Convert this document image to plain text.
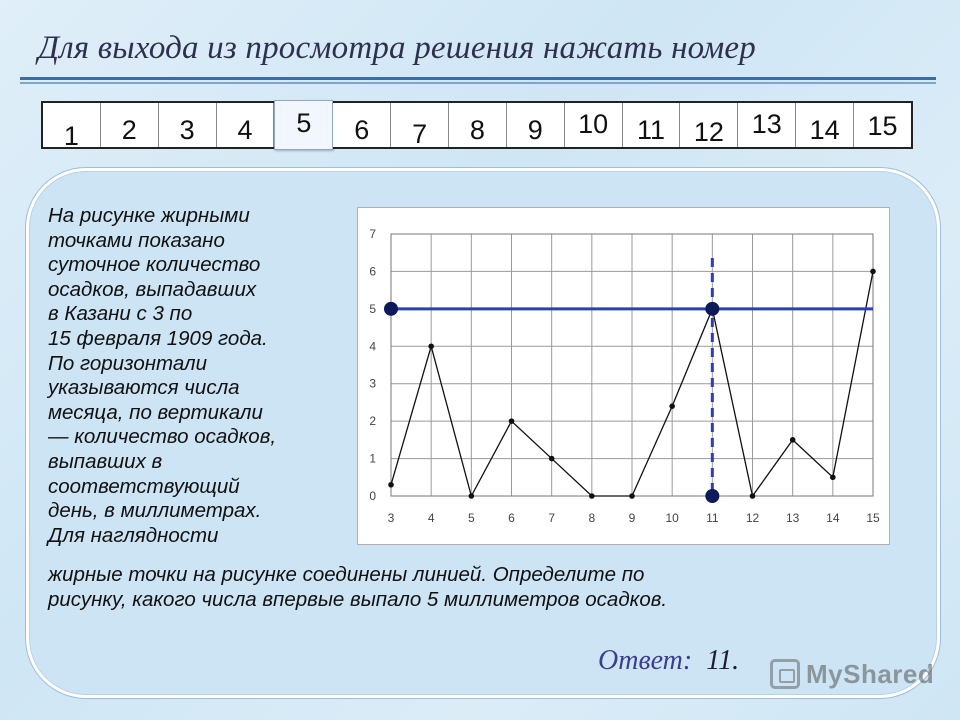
Для выхода из просмотра решения нажать номер
1	2	3	4	5	6	7	8	9	10	11	12	13	14	15
На рисунке жирными
точками показано
суточное количество
осадков, выпадавших
в Казани с 3 по
15 февраля 1909 года.
По горизонтали
указываются числа
месяца, по вертикали
— количество осадков,
выпавших в
соответствующий
день, в миллиметрах.
Для наглядности
0
1
2
3
4
5
6
7
3	4	5	6	7	8	9	10 11 12 13 14 15
жирные точки на рисунке соединены линией. Определите по
рисунку, какого числа впервые выпало 5 миллиметров осадков.
Ответ: 11.	MyShared
